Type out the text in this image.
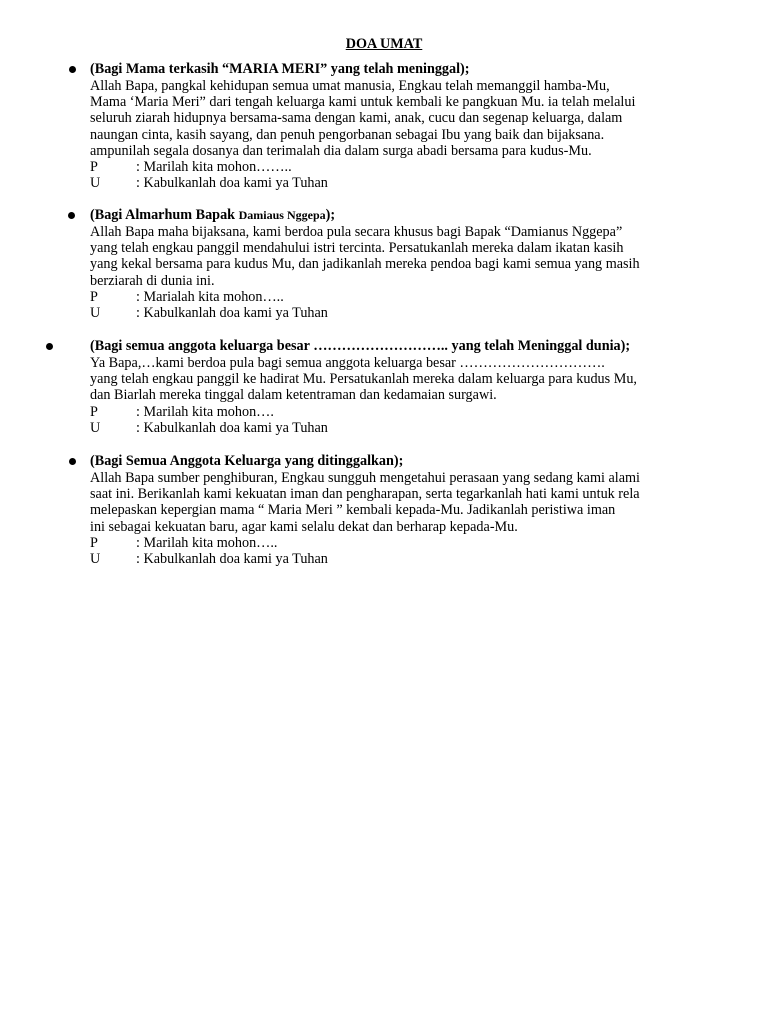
DOA UMAT
(Bagi Mama terkasih “MARIA MERI” yang telah meninggal);
Allah Bapa, pangkal kehidupan semua umat manusia, Engkau telah memanggil hamba-Mu,
Mama ‘Maria Meri” dari tengah keluarga kami untuk kembali ke pangkuan Mu. ia telah melalui
seluruh ziarah hidupnya bersama-sama dengan kami, anak, cucu dan segenap keluarga, dalam
naungan cinta, kasih sayang, dan penuh pengorbanan sebagai Ibu yang baik dan bijaksana.
ampunilah segala dosanya dan terimalah dia dalam surga abadi bersama para kudus-Mu.
P	: Marilah kita mohon……..
U	: Kabulkanlah doa kami ya Tuhan
(Bagi Almarhum Bapak Damiaus Nggepa);
Allah Bapa maha bijaksana, kami berdoa pula secara khusus bagi Bapak “Damianus Nggepa”
yang telah engkau panggil mendahului istri tercinta. Persatukanlah mereka dalam ikatan kasih
yang kekal bersama para kudus Mu, dan jadikanlah mereka pendoa bagi kami semua yang masih
berziarah di dunia ini.
P	: Marialah kita mohon…..
U	: Kabulkanlah doa kami ya Tuhan
(Bagi semua anggota keluarga besar ……………………….. yang telah Meninggal dunia);
Ya Bapa,…kami berdoa pula bagi semua anggota keluarga besar ………………………….
yang telah engkau panggil ke hadirat Mu. Persatukanlah mereka dalam keluarga para kudus Mu,
dan Biarlah mereka tinggal dalam ketentraman dan kedamaian surgawi.
P	: Marilah kita mohon….
U	: Kabulkanlah doa kami ya Tuhan
(Bagi Semua Anggota Keluarga yang ditinggalkan);
Allah Bapa sumber penghiburan, Engkau sungguh mengetahui perasaan yang sedang kami alami
saat ini. Berikanlah kami kekuatan iman dan pengharapan, serta tegarkanlah hati kami untuk rela
melepaskan kepergian mama “ Maria Meri ” kembali kepada-Mu. Jadikanlah peristiwa iman
ini sebagai kekuatan baru, agar kami selalu dekat dan berharap kepada-Mu.
P	: Marilah kita mohon…..
U	: Kabulkanlah doa kami ya Tuhan
